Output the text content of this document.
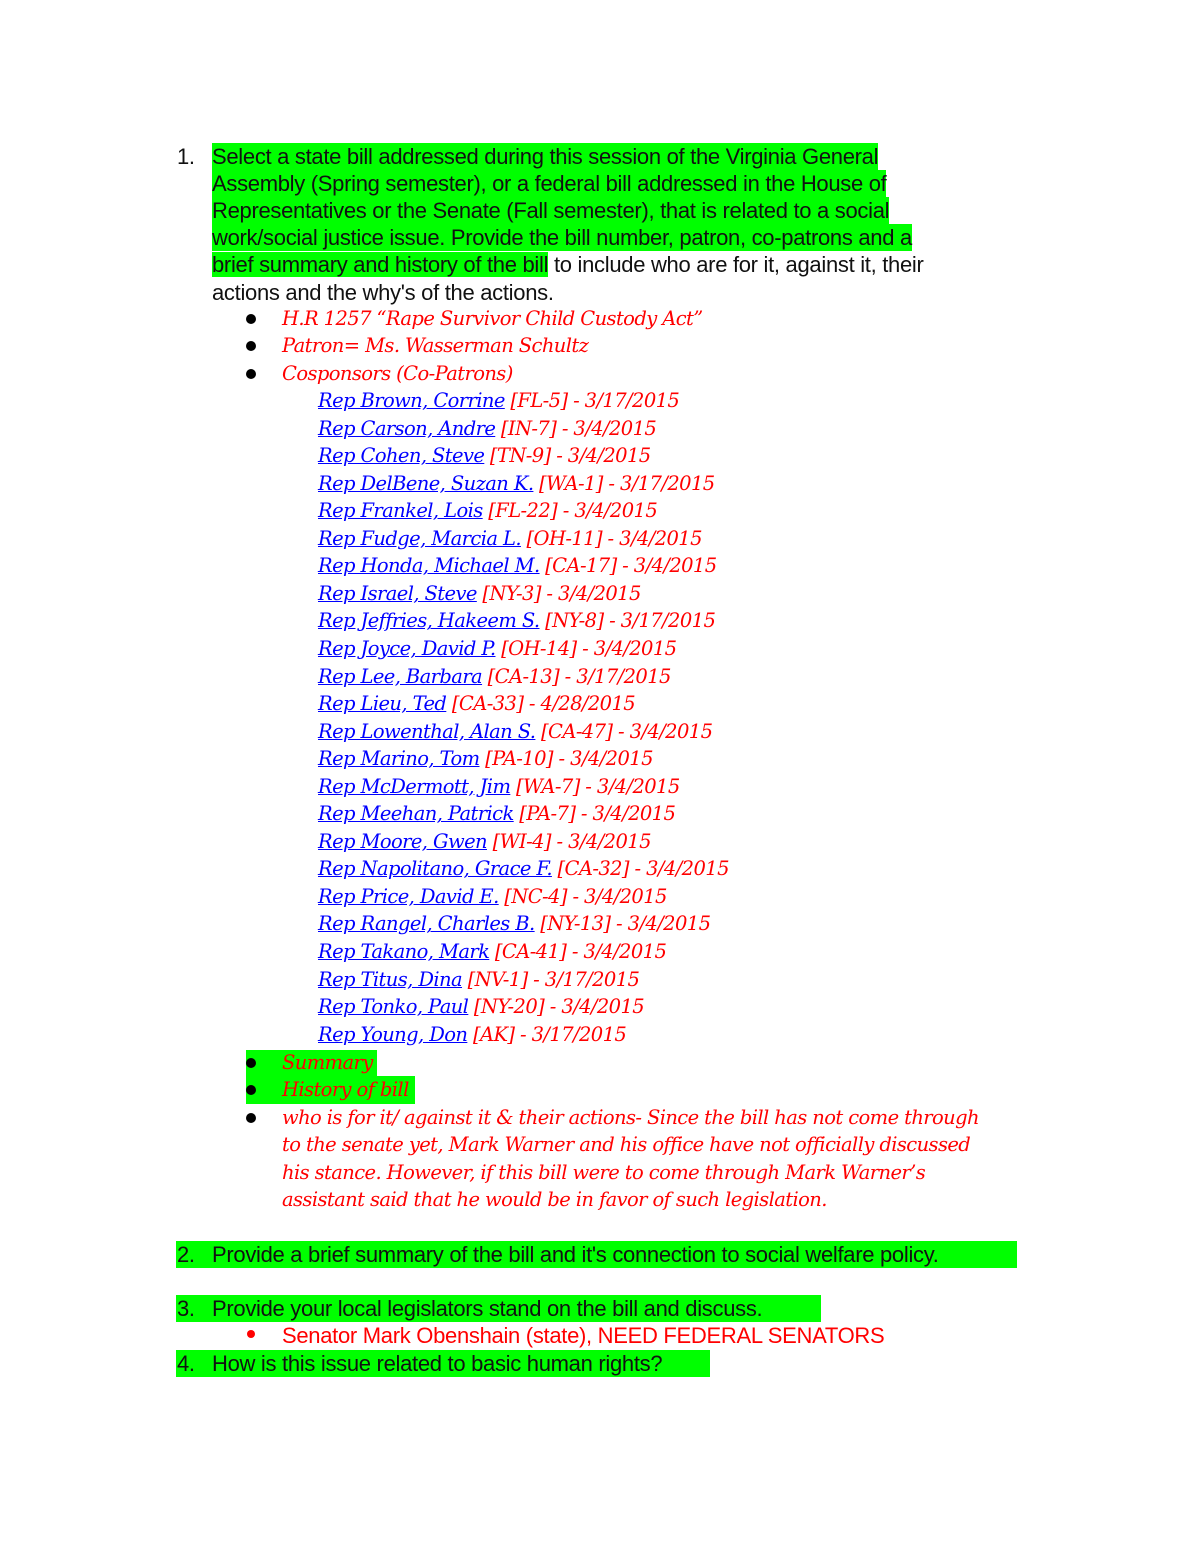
1. Select a state bill addressed during this session of the Virginia General
Assembly (Spring semester), or a federal bill addressed in the House of
Representatives or the Senate (Fall semester), that is related to a social
work/social justice issue. Provide the bill number, patron, co-patrons and a
brief summary and history of the bill to include who are for it, against it, their
actions and the why's of the actions.
H.R 1257 “Rape Survivor Child Custody Act”
Patron= Ms. Wasserman Schultz
Cosponsors (Co-Patrons)
Rep Brown, Corrine [FL-5] - 3/17/2015
Rep Carson, Andre [IN-7] - 3/4/2015
Rep Cohen, Steve [TN-9] - 3/4/2015
Rep DelBene, Suzan K. [WA-1] - 3/17/2015
Rep Frankel, Lois [FL-22] - 3/4/2015
Rep Fudge, Marcia L. [OH-11] - 3/4/2015
Rep Honda, Michael M. [CA-17] - 3/4/2015
Rep Israel, Steve [NY-3] - 3/4/2015
Rep Jeffries, Hakeem S. [NY-8] - 3/17/2015
Rep Joyce, David P. [OH-14] - 3/4/2015
Rep Lee, Barbara [CA-13] - 3/17/2015
Rep Lieu, Ted [CA-33] - 4/28/2015
Rep Lowenthal, Alan S. [CA-47] - 3/4/2015
Rep Marino, Tom [PA-10] - 3/4/2015
Rep McDermott, Jim [WA-7] - 3/4/2015
Rep Meehan, Patrick [PA-7] - 3/4/2015
Rep Moore, Gwen [WI-4] - 3/4/2015
Rep Napolitano, Grace F. [CA-32] - 3/4/2015
Rep Price, David E. [NC-4] - 3/4/2015
Rep Rangel, Charles B. [NY-13] - 3/4/2015
Rep Takano, Mark [CA-41] - 3/4/2015
Rep Titus, Dina [NV-1] - 3/17/2015
Rep Tonko, Paul [NY-20] - 3/4/2015
Rep Young, Don [AK] - 3/17/2015
Summary
History of bill
who is for it/ against it & their actions- Since the bill has not come through
to the senate yet, Mark Warner and his office have not officially discussed
his stance. However, if this bill were to come through Mark Warner’s
assistant said that he would be in favor of such legislation.
2. Provide a brief summary of the bill and it's connection to social welfare policy.
3. Provide your local legislators stand on the bill and discuss.
Senator Mark Obenshain (state), NEED FEDERAL SENATORS
4. How is this issue related to basic human rights?
